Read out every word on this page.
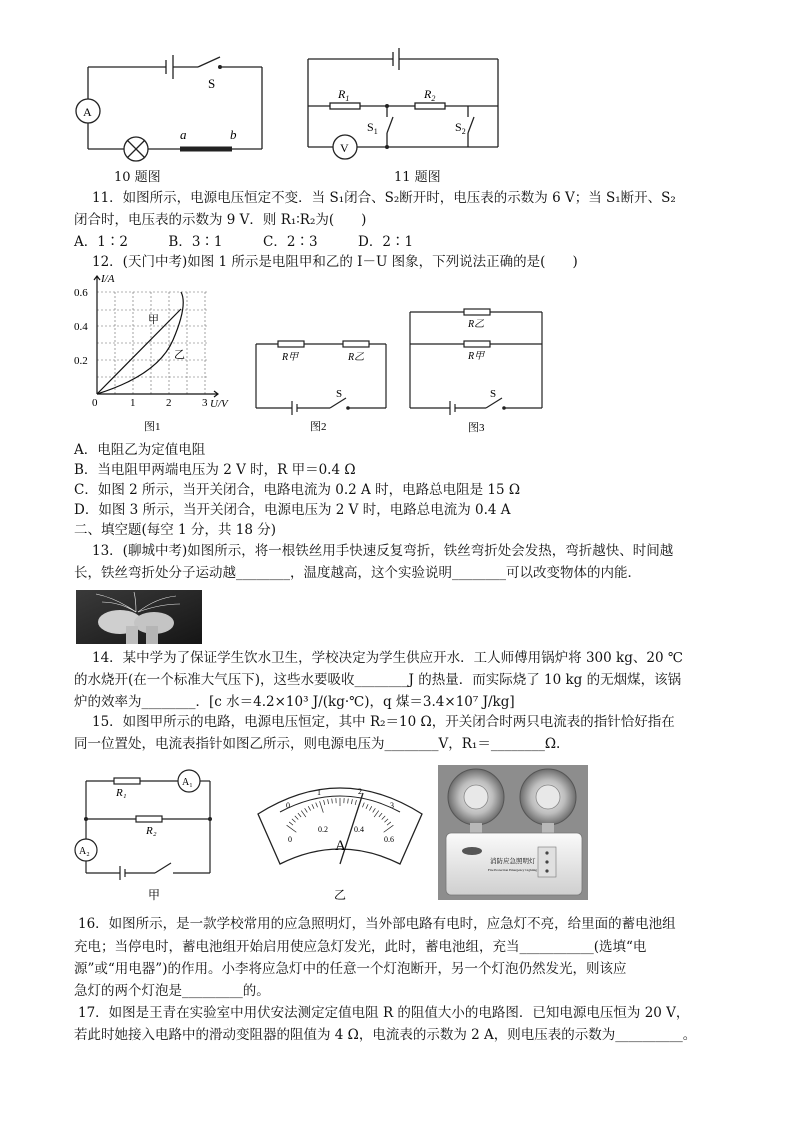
S
A
a	b
10 题图
$R_1$	$R_2$
$S_1$	$S_2$
V
11 题图
11．如图所示，电源电压恒定不变．当 S₁闭合、S₂断开时，电压表的示数为 6 V；当 S₁断开、S₂
闭合时，电压表的示数为 9 V．则 R₁∶R₂为(　　)
A．1∶2　　　B．3∶1　　　C．2∶3　　　D．2∶1
12．(天门中考)如图 1 所示是电阻甲和乙的 I－U 图象，下列说法正确的是(　　)
I/A
U/V
0.6
0.4
0.2
0	1	2	3
甲
乙
图1
R甲	R乙
S
图2
R乙
R甲
S
图3
A．电阻乙为定值电阻
B．当电阻甲两端电压为 2 V 时，R 甲＝0.4 Ω
C．如图 2 所示，当开关闭合，电路电流为 0.2 A 时，电路总电阻是 15 Ω
D．如图 3 所示，当开关闭合，电源电压为 2 V 时，电路总电流为 0.4 A
二、填空题(每空 1 分，共 18 分)
13．(聊城中考)如图所示，将一根铁丝用手快速反复弯折，铁丝弯折处会发热，弯折越快、时间越
长，铁丝弯折处分子运动越________，温度越高，这个实验说明________可以改变物体的内能．
14．某中学为了保证学生饮水卫生，学校决定为学生供应开水．工人师傅用锅炉将 300 kg、20 ℃
的水烧开(在一个标准大气压下)，这些水要吸收________J 的热量．而实际烧了 10 kg 的无烟煤，该锅
炉的效率为________．[c 水＝4.2×10³ J/(kg·℃)，q 煤＝3.4×10⁷ J/kg]
15．如图甲所示的电路，电源电压恒定，其中 R₂＝10 Ω，开关闭合时两只电流表的指针恰好指在
同一位置处，电流表指针如图乙所示，则电源电压为________V，R₁＝________Ω.
R₁
R₂
A₁
A₂
甲
0
1	2
3
0
0.2	0.4
0.6
A
乙
消防应急照明灯
Fire Protection Emergency Lighting
16．如图所示，是一款学校常用的应急照明灯，当外部电路有电时，应急灯不亮，给里面的蓄电池组
充电；当停电时，蓄电池组开始启用使应急灯发光，此时，蓄电池组，充当___________(选填“电
源”或“用电器”)的作用。小李将应急灯中的任意一个灯泡断开，另一个灯泡仍然发光，则该应
急灯的两个灯泡是_________的。
17．如图是王青在实验室中用伏安法测定定值电阻 R 的阻值大小的电路图．已知电源电压恒为 20 V，
若此时她接入电路中的滑动变阻器的阻值为 4 Ω，电流表的示数为 2 A，则电压表的示数为__________。
